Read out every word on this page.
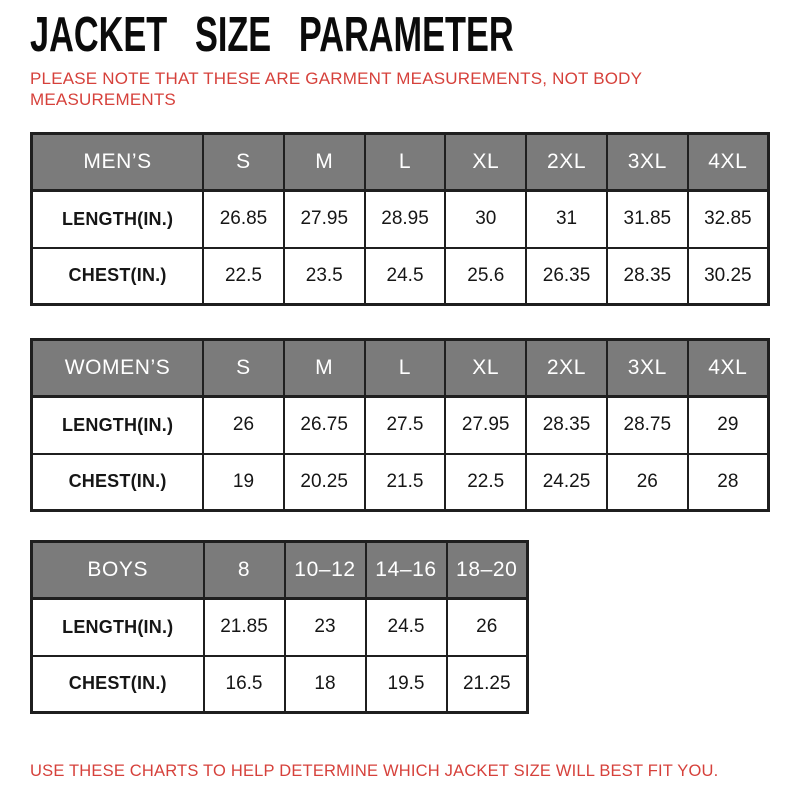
JACKET SIZE PARAMETER
PLEASE NOTE THAT THESE ARE GARMENT MEASUREMENTS, NOT BODY MEASUREMENTS
MEN’S	S	M	L	XL	2XL	3XL	4XL
LENGTH(IN.)	26.85	27.95	28.95	30	31	31.85	32.85
CHEST(IN.)	22.5	23.5	24.5	25.6	26.35	28.35	30.25
WOMEN’S	S	M	L	XL	2XL	3XL	4XL
LENGTH(IN.)	26	26.75	27.5	27.95	28.35	28.75	29
CHEST(IN.)	19	20.25	21.5	22.5	24.25	26	28
BOYS	8	10–12	14–16	18–20
LENGTH(IN.)	21.85	23	24.5	26
CHEST(IN.)	16.5	18	19.5	21.25
USE THESE CHARTS TO HELP DETERMINE WHICH JACKET SIZE WILL BEST FIT YOU.
